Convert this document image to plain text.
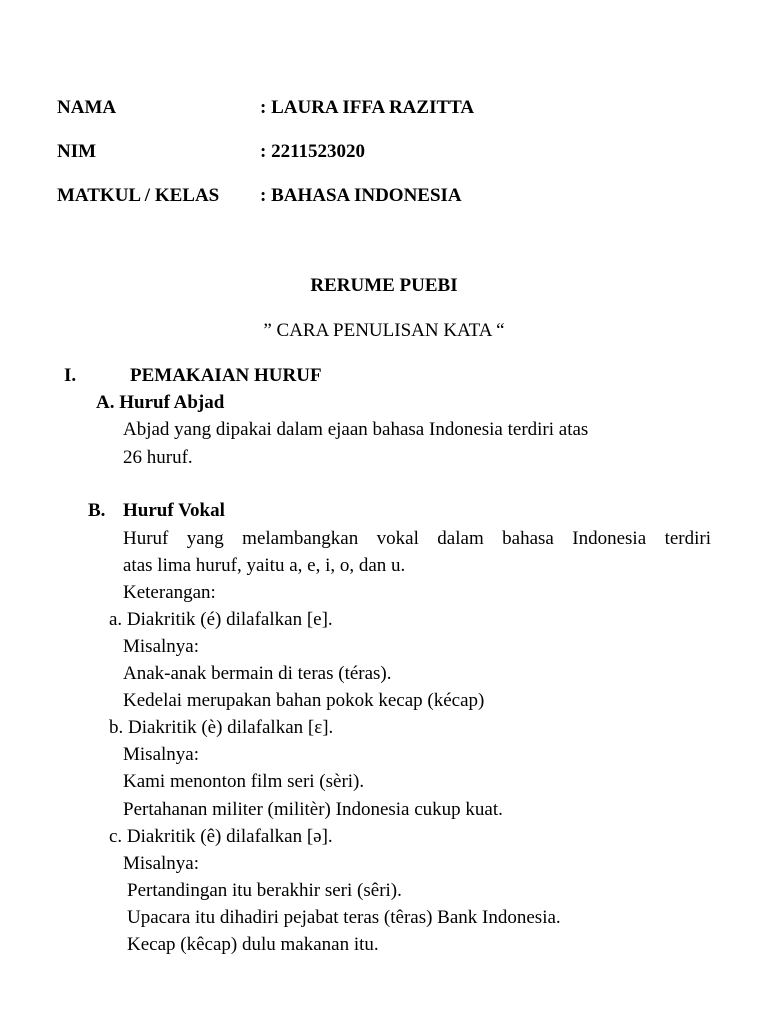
NAMA	: LAURA IFFA RAZITTA
NIM	: 2211523020
MATKUL / KELAS : BAHASA INDONESIA
RERUME PUEBI
” CARA PENULISAN KATA “
I.	PEMAKAIAN HURUF
A. Huruf Abjad
Abjad yang dipakai dalam ejaan bahasa Indonesia terdiri atas
26 huruf.
B. Huruf Vokal
Huruf yang melambangkan vokal dalam bahasa Indonesia terdiri
atas lima huruf, yaitu a, e, i, o, dan u.
Keterangan:
a. Diakritik (é) dilafalkan [e].
Misalnya:
Anak-anak bermain di teras (téras).
Kedelai merupakan bahan pokok kecap (kécap)
b. Diakritik (è) dilafalkan [ɛ].
Misalnya:
Kami menonton film seri (sèri).
Pertahanan militer (militèr) Indonesia cukup kuat.
c. Diakritik (ê) dilafalkan [ə].
Misalnya:
Pertandingan itu berakhir seri (sêri).
Upacara itu dihadiri pejabat teras (têras) Bank Indonesia.
Kecap (kêcap) dulu makanan itu.
